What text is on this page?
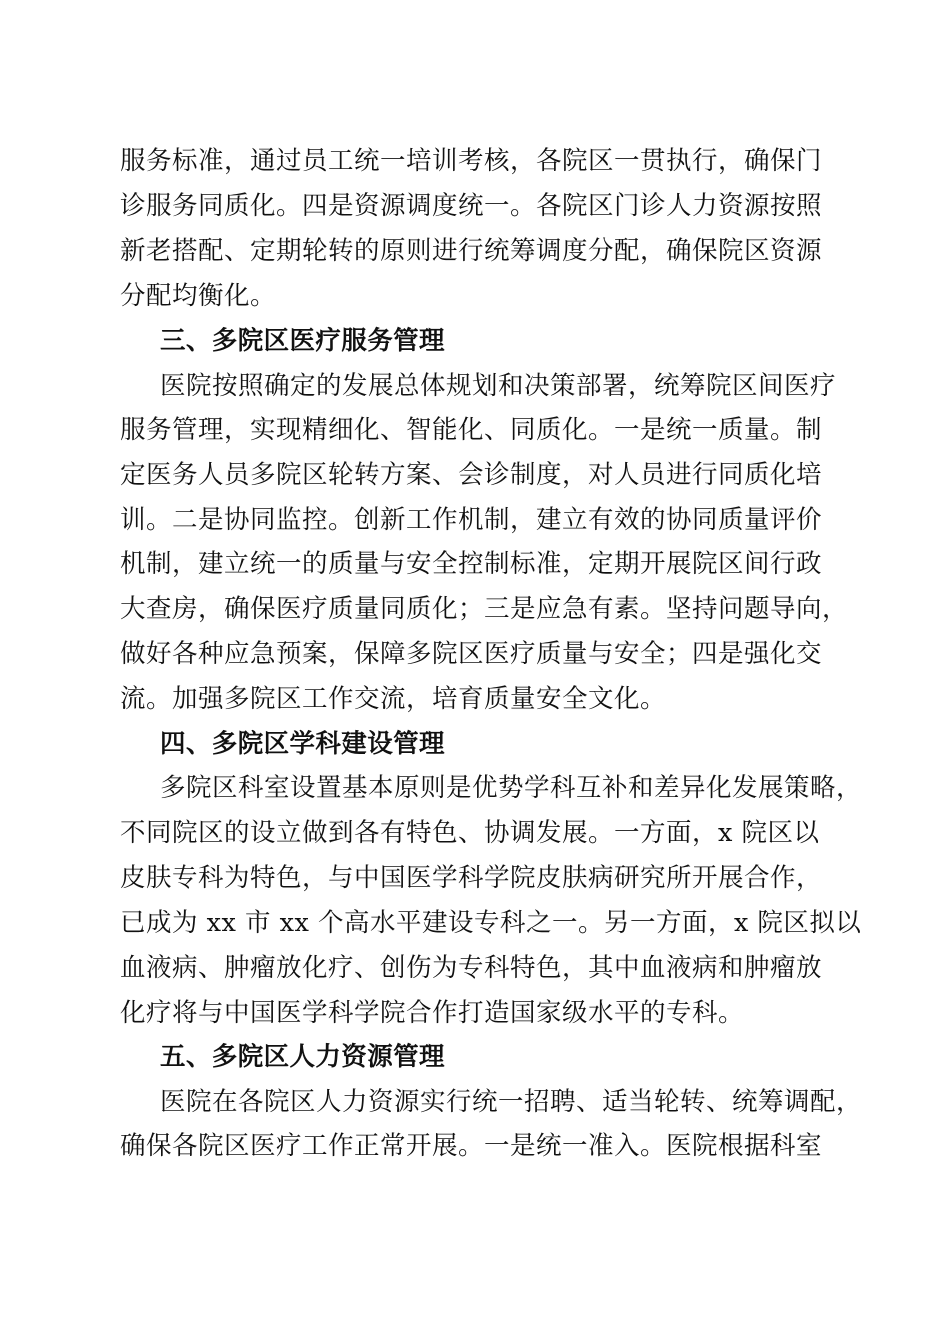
服务标准，通过员工统一培训考核，各院区一贯执行，确保门
诊服务同质化。四是资源调度统一。各院区门诊人力资源按照
新老搭配、定期轮转的原则进行统筹调度分配，确保院区资源
分配均衡化。
三、多院区医疗服务管理
医院按照确定的发展总体规划和决策部署，统筹院区间医疗
服务管理，实现精细化、智能化、同质化。一是统一质量。制
定医务人员多院区轮转方案、会诊制度，对人员进行同质化培
训。二是协同监控。创新工作机制，建立有效的协同质量评价
机制，建立统一的质量与安全控制标准，定期开展院区间行政
大查房，确保医疗质量同质化；三是应急有素。坚持问题导向，
做好各种应急预案，保障多院区医疗质量与安全；四是强化交
流。加强多院区工作交流，培育质量安全文化。
四、多院区学科建设管理
多院区科室设置基本原则是优势学科互补和差异化发展策略，
不同院区的设立做到各有特色、协调发展。一方面，x 院区以
皮肤专科为特色，与中国医学科学院皮肤病研究所开展合作，
已成为 xx 市 xx 个高水平建设专科之一。另一方面，x 院区拟以
血液病、肿瘤放化疗、创伤为专科特色，其中血液病和肿瘤放
化疗将与中国医学科学院合作打造国家级水平的专科。
五、多院区人力资源管理
医院在各院区人力资源实行统一招聘、适当轮转、统筹调配，
确保各院区医疗工作正常开展。一是统一准入。医院根据科室
